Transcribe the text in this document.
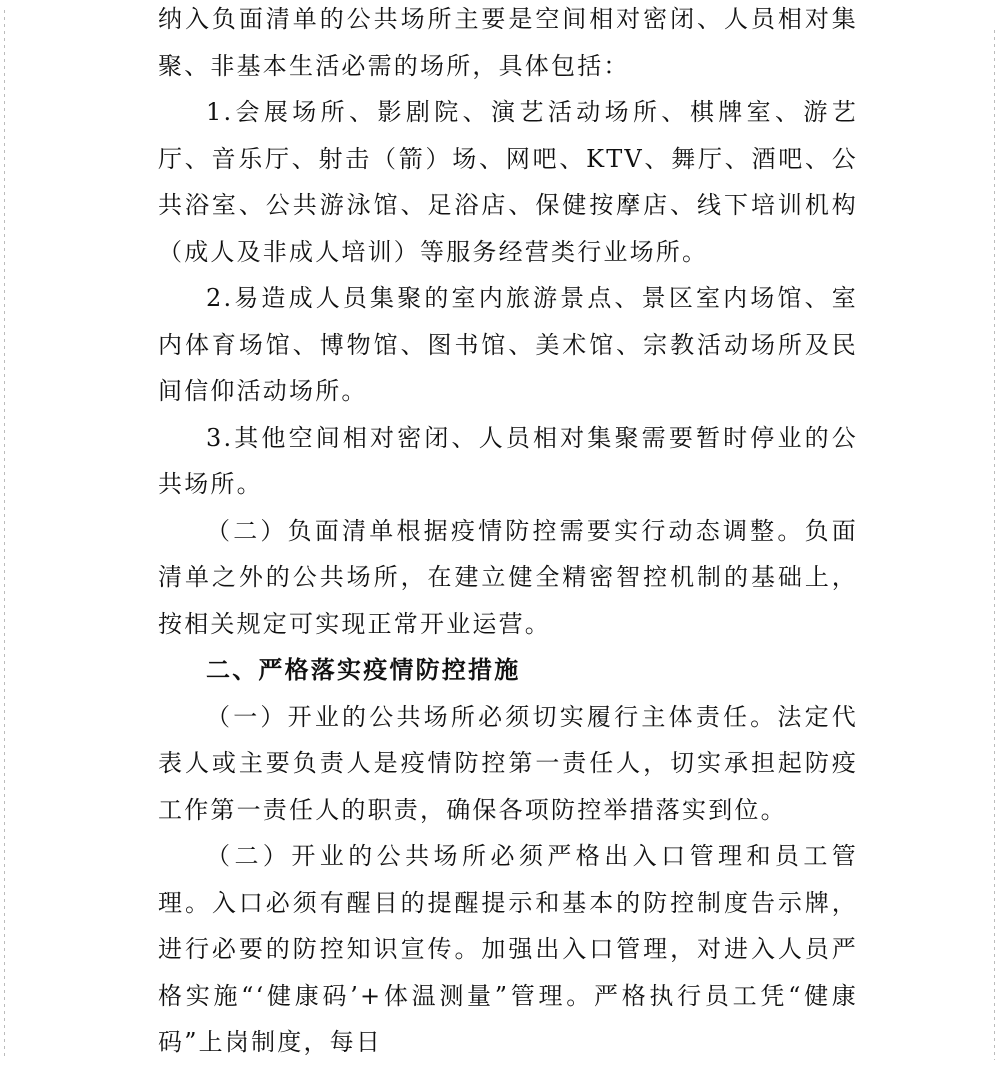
纳入负面清单的公共场所主要是空间相对密闭、人员相对集聚、非基本生活必需的场所，具体包括：

1.会展场所、影剧院、演艺活动场所、棋牌室、游艺厅、音乐厅、射击（箭）场、网吧、KTV、舞厅、酒吧、公共浴室、公共游泳馆、足浴店、保健按摩店、线下培训机构（成人及非成人培训）等服务经营类行业场所。

2.易造成人员集聚的室内旅游景点、景区室内场馆、室内体育场馆、博物馆、图书馆、美术馆、宗教活动场所及民间信仰活动场所。

3.其他空间相对密闭、人员相对集聚需要暂时停业的公共场所。

（二）负面清单根据疫情防控需要实行动态调整。负面清单之外的公共场所，在建立健全精密智控机制的基础上，按相关规定可实现正常开业运营。

二、严格落实疫情防控措施

（一）开业的公共场所必须切实履行主体责任。法定代表人或主要负责人是疫情防控第一责任人，切实承担起防疫工作第一责任人的职责，确保各项防控举措落实到位。

（二）开业的公共场所必须严格出入口管理和员工管理。入口必须有醒目的提醒提示和基本的防控制度告示牌，进行必要的防控知识宣传。加强出入口管理，对进入人员严格实施“‘健康码’+体温测量”管理。严格执行员工凭“健康码”上岗制度，每日
